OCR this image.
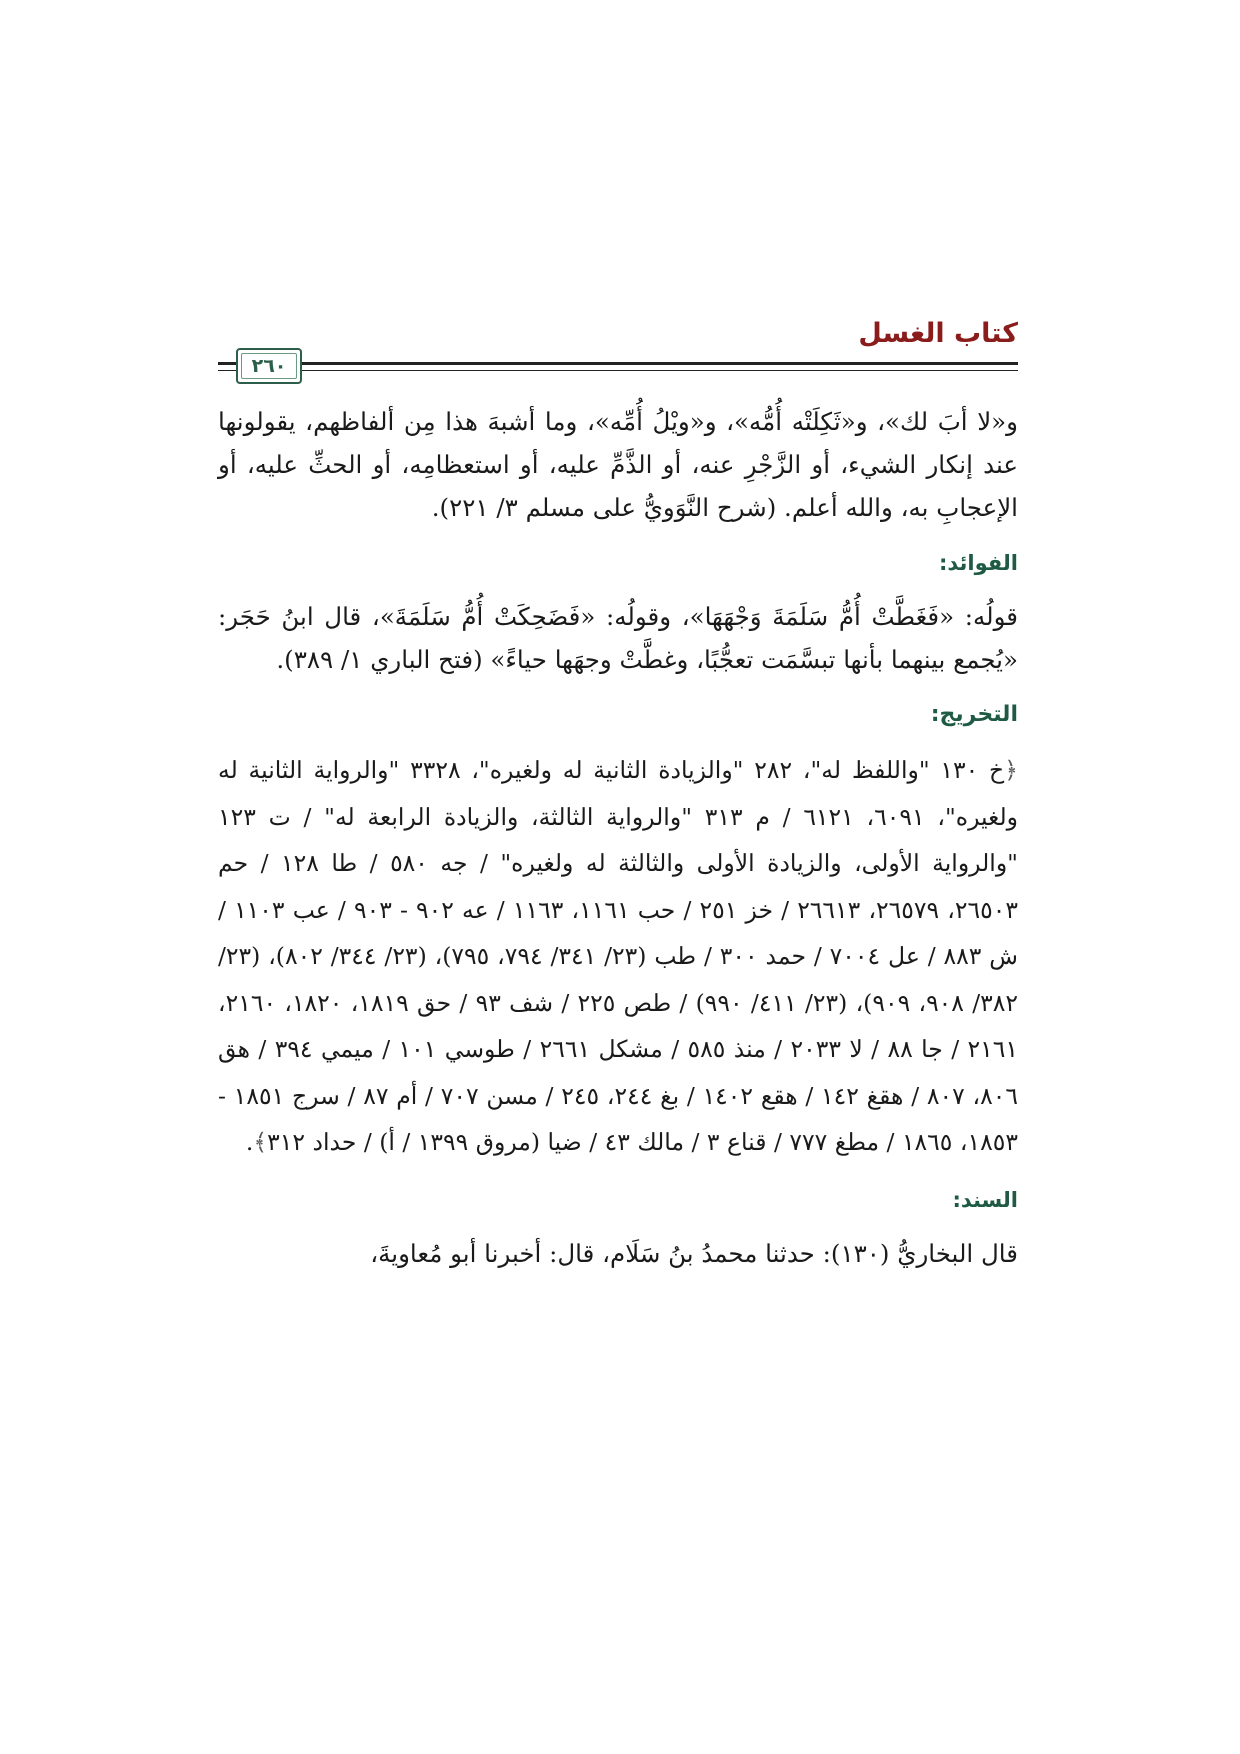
كتاب الغسل
٢٦٠

و«لا أبَ لك»، و«ثَكِلَتْه أُمُّه»، و«ويْلُ أُمِّه»، وما أشبهَ هذا مِن ألفاظهم، يقولونها عند إنكار الشيء، أو الزَّجْرِ عنه، أو الذَّمِّ عليه، أو استعظامِه، أو الحثِّ عليه، أو الإعجابِ به، والله أعلم. (شرح النَّوَويُّ على مسلم ٣/ ٢٢١).

الفوائد:

قولُه: «فَغَطَّتْ أُمُّ سَلَمَةَ وَجْهَهَا»، وقولُه: «فَضَحِكَتْ أُمُّ سَلَمَةَ»، قال ابنُ حَجَر: «يُجمع بينهما بأنها تبسَّمَت تعجُّبًا، وغطَّتْ وجهَها حياءً» (فتح الباري ١/ ٣٨٩).

التخريج:

﴿خ ١٣٠ "واللفظ له"، ٢٨٢ "والزيادة الثانية له ولغيره"، ٣٣٢٨ "والرواية الثانية له ولغيره"، ٦٠٩١، ٦١٢١ / م ٣١٣ "والرواية الثالثة، والزيادة الرابعة له" / ت ١٢٣ "والرواية الأولى، والزيادة الأولى والثالثة له ولغيره" / جه ٥٨٠ / طا ١٢٨ / حم ٢٦٥٠٣، ٢٦٥٧٩، ٢٦٦١٣ / خز ٢٥١ / حب ١١٦١، ١١٦٣ / عه ٩٠٢ - ٩٠٣ / عب ١١٠٣ / ش ٨٨٣ / عل ٧٠٠٤ / حمد ٣٠٠ / طب (٢٣/ ٣٤١/ ٧٩٤، ٧٩٥)، (٢٣/ ٣٤٤/ ٨٠٢)، (٢٣/ ٣٨٢/ ٩٠٨، ٩٠٩)، (٢٣/ ٤١١/ ٩٩٠) / طص ٢٢٥ / شف ٩٣ / حق ١٨١٩، ١٨٢٠، ٢١٦٠، ٢١٦١ / جا ٨٨ / لا ٢٠٣٣ / منذ ٥٨٥ / مشكل ٢٦٦١ / طوسي ١٠١ / ميمي ٣٩٤ / هق ٨٠٦، ٨٠٧ / هقغ ١٤٢ / هقع ١٤٠٢ / بغ ٢٤٤، ٢٤٥ / مسن ٧٠٧ / أم ٨٧ / سرج ١٨٥١ - ١٨٥٣، ١٨٦٥ / مطغ ٧٧٧ / قناع ٣ / مالك ٤٣ / ضيا (مروق ١٣٩٩ / أ) / حداد ٣١٢﴾.

السند:

قال البخاريُّ (١٣٠): حدثنا محمدُ بنُ سَلَام، قال: أخبرنا أبو مُعاويةَ،
